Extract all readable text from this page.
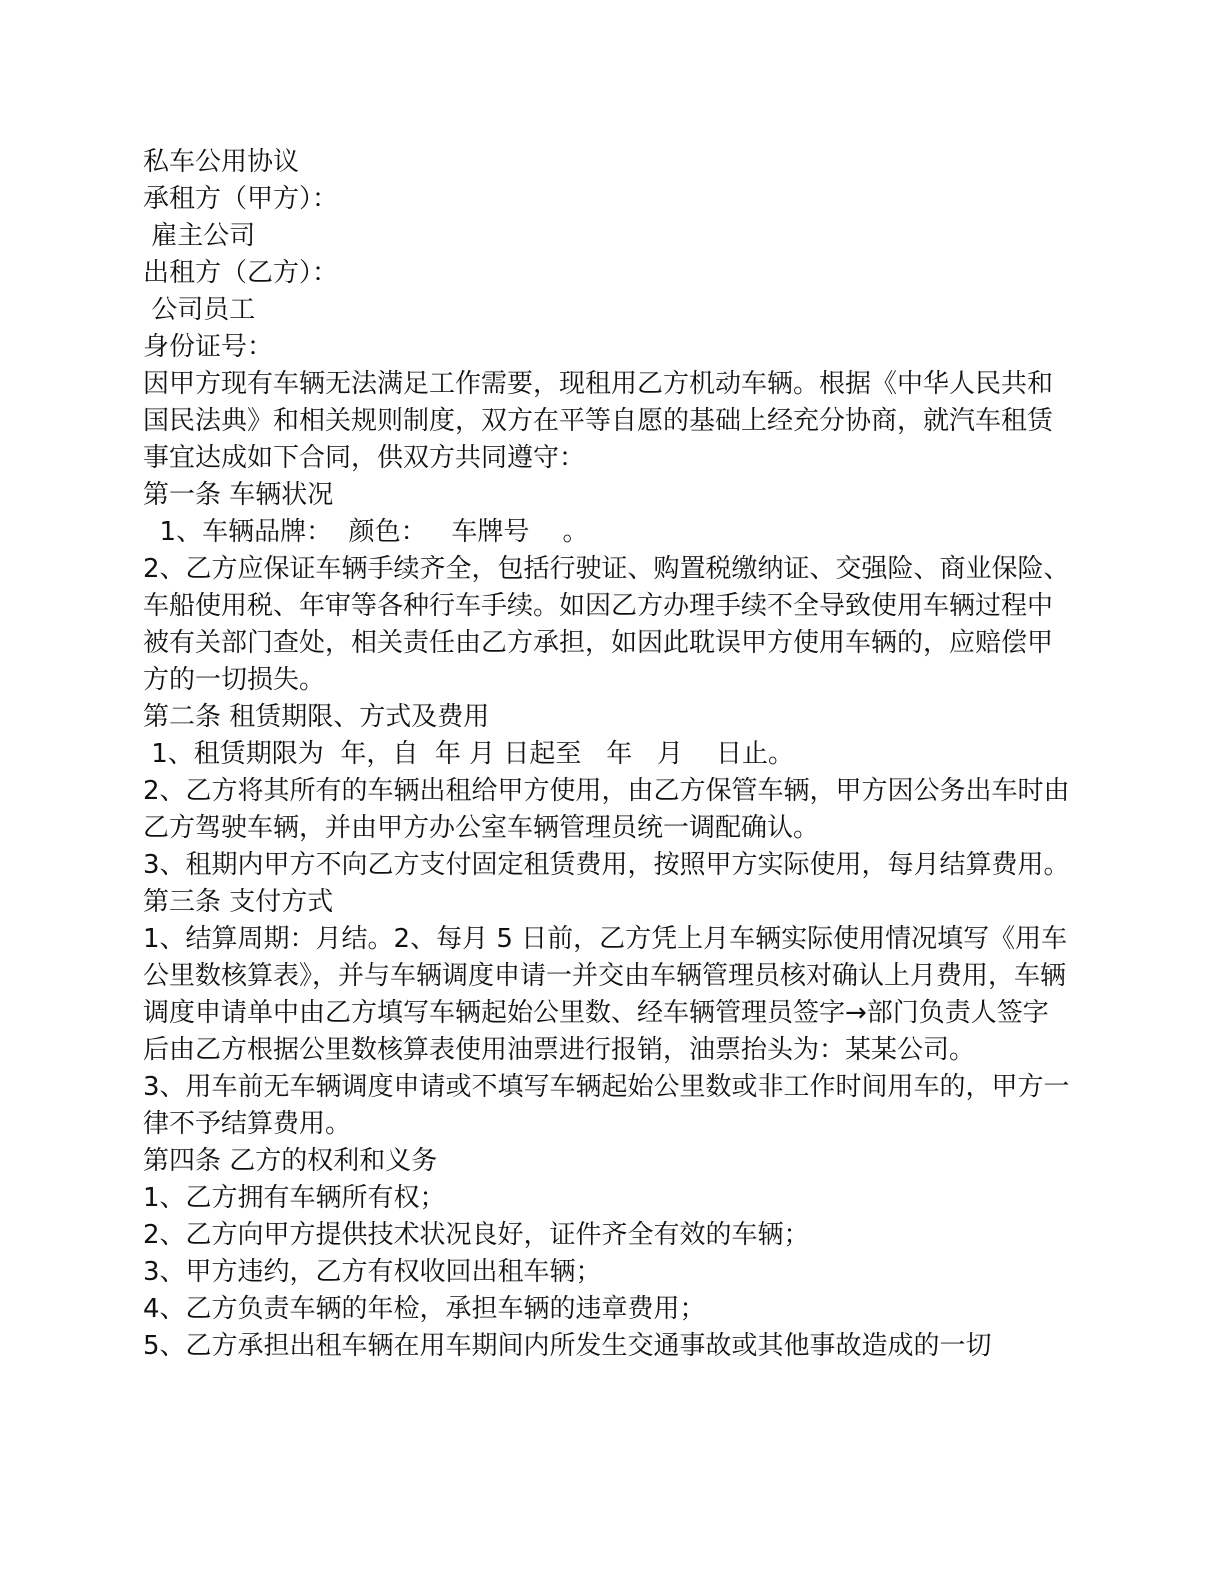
私车公用协议

承租方（甲方）：

雇主公司

出租方（乙方）：

公司员工

身份证号：

因甲方现有车辆无法满足工作需要，现租用乙方机动车辆。根据《中华人民共和国民法典》和相关规则制度，双方在平等自愿的基础上经充分协商，就汽车租赁事宜达成如下合同，供双方共同遵守：

第一条 车辆状况

1、车辆品牌：  颜色：   车牌号    。

2、乙方应保证车辆手续齐全，包括行驶证、购置税缴纳证、交强险、商业保险、车船使用税、年审等各种行车手续。如因乙方办理手续不全导致使用车辆过程中被有关部门查处，相关责任由乙方承担，如因此耽误甲方使用车辆的，应赔偿甲方的一切损失。

第二条 租赁期限、方式及费用

1、租赁期限为  年，自  年 月 日起至   年   月    日止。

2、乙方将其所有的车辆出租给甲方使用，由乙方保管车辆，甲方因公务出车时由乙方驾驶车辆，并由甲方办公室车辆管理员统一调配确认。

3、租期内甲方不向乙方支付固定租赁费用，按照甲方实际使用，每月结算费用。

第三条 支付方式

1、结算周期：月结。2、每月 5 日前，乙方凭上月车辆实际使用情况填写《用车公里数核算表》，并与车辆调度申请一并交由车辆管理员核对确认上月费用，车辆调度申请单中由乙方填写车辆起始公里数、经车辆管理员签字→部门负责人签字后由乙方根据公里数核算表使用油票进行报销，油票抬头为：某某公司。

3、用车前无车辆调度申请或不填写车辆起始公里数或非工作时间用车的，甲方一律不予结算费用。

第四条 乙方的权利和义务

1、乙方拥有车辆所有权；

2、乙方向甲方提供技术状况良好，证件齐全有效的车辆；

3、甲方违约，乙方有权收回出租车辆；

4、乙方负责车辆的年检，承担车辆的违章费用；

5、乙方承担出租车辆在用车期间内所发生交通事故或其他事故造成的一切
